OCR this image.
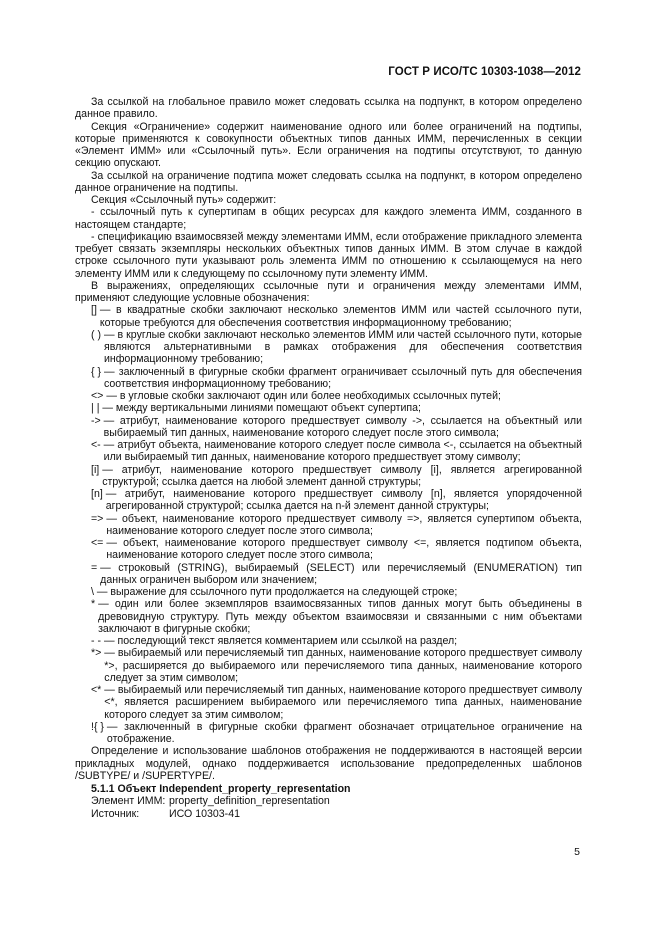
ГОСТ Р ИСО/ТС 10303-1038—2012

За ссылкой на глобальное правило может следовать ссылка на подпункт, в котором определено данное правило.

Секция «Ограничение» содержит наименование одного или более ограничений на подтипы, которые применяются к совокупности объектных типов данных ИММ, перечисленных в секции «Элемент ИММ» или «Ссылочный путь». Если ограничения на подтипы отсутствуют, то данную секцию опускают.

За ссылкой на ограничение подтипа может следовать ссылка на подпункт, в котором определено данное ограничение на подтипы.

Секция «Ссылочный путь» содержит:

- ссылочный путь к супертипам в общих ресурсах для каждого элемента ИММ, созданного в настоящем стандарте;

- спецификацию взаимосвязей между элементами ИММ, если отображение прикладного элемента требует связать экземпляры нескольких объектных типов данных ИММ. В этом случае в каждой строке ссылочного пути указывают роль элемента ИММ по отношению к ссылающемуся на него элементу ИММ или к следующему по ссылочному пути элементу ИММ.

В выражениях, определяющих ссылочные пути и ограничения между элементами ИММ, применяют следующие условные обозначения:

[] — в квадратные скобки заключают несколько элементов ИММ или частей ссылочного пути, которые требуются для обеспечения соответствия информационному требованию;
( ) — в круглые скобки заключают несколько элементов ИММ или частей ссылочного пути, которые являются альтернативными в рамках отображения для обеспечения соответствия информационному требованию;
{ } — заключенный в фигурные скобки фрагмент ограничивает ссылочный путь для обеспечения соответствия информационному требованию;
<> — в угловые скобки заключают один или более необходимых ссылочных путей;
| | — между вертикальными линиями помещают объект супертипа;
-> — атрибут, наименование которого предшествует символу ->, ссылается на объектный или выбираемый тип данных, наименование которого следует после этого символа;
<- — атрибут объекта, наименование которого следует после символа <-, ссылается на объектный или выбираемый тип данных, наименование которого предшествует этому символу;
[i] — атрибут, наименование которого предшествует символу [i], является агрегированной структурой; ссылка дается на любой элемент данной структуры;
[n] — атрибут, наименование которого предшествует символу [n], является упорядоченной агрегированной структурой; ссылка дается на n-й элемент данной структуры;
=> — объект, наименование которого предшествует символу =>, является супертипом объекта, наименование которого следует после этого символа;
<= — объект, наименование которого предшествует символу <=, является подтипом объекта, наименование которого следует после этого символа;
= — строковый (STRING), выбираемый (SELECT) или перечисляемый (ENUMERATION) тип данных ограничен выбором или значением;
\ — выражение для ссылочного пути продолжается на следующей строке;
* — один или более экземпляров взаимосвязанных типов данных могут быть объединены в древовидную структуру. Путь между объектом взаимосвязи и связанными с ним объектами заключают в фигурные скобки;
- - — последующий текст является комментарием или ссылкой на раздел;
*> — выбираемый или перечисляемый тип данных, наименование которого предшествует символу *>, расширяется до выбираемого или перечисляемого типа данных, наименование которого следует за этим символом;
<* — выбираемый или перечисляемый тип данных, наименование которого предшествует символу <*, является расширением выбираемого или перечисляемого типа данных, наименование которого следует за этим символом;
!{ } — заключенный в фигурные скобки фрагмент обозначает отрицательное ограничение на отображение.

Определение и использование шаблонов отображения не поддерживаются в настоящей версии прикладных модулей, однако поддерживается использование предопределенных шаблонов /SUBTYPE/ и /SUPERTYPE/.

5.1.1 Объект Independent_property_representation
Элемент ИММ: property_definition_representation
Источник:	ИСО 10303-41
5
